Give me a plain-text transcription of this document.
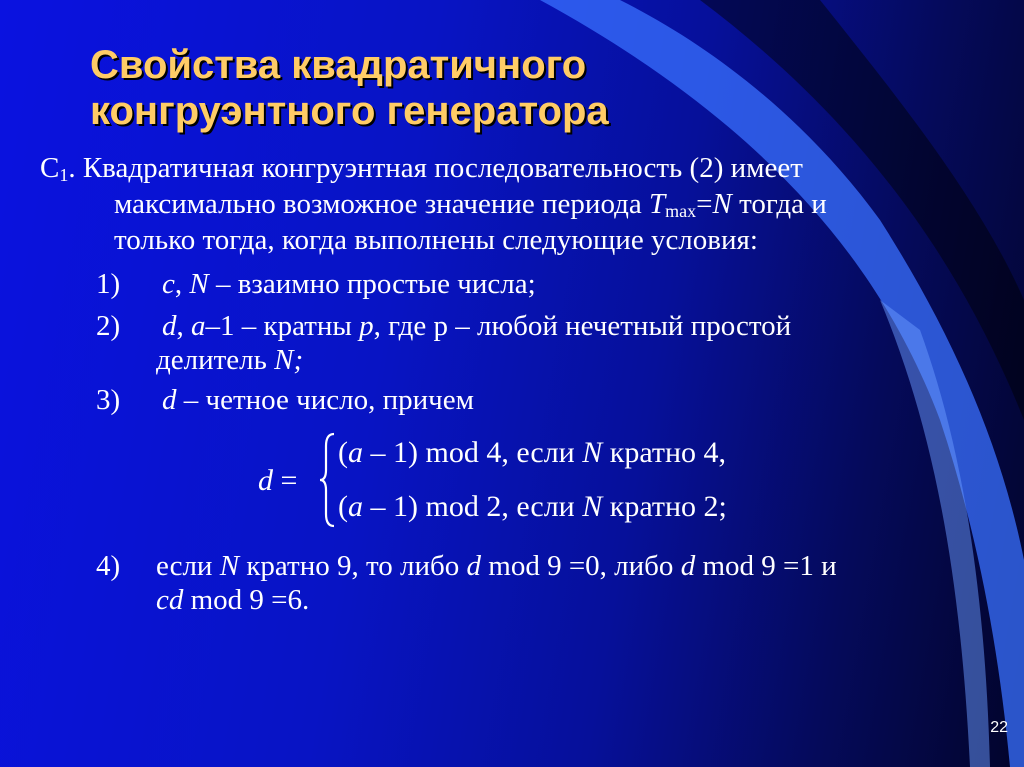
Свойства квадратичного
конгруэнтного генератора
$C_1$. Квадратичная конгруэнтная последовательность (2) имеет
максимально возможное значение периода $T_{max}=N$ тогда и
только тогда, когда выполнены следующие условия:
1) c, N – взаимно простые числа;
2) d, a–1 – кратны p, где р – любой нечетный простой
делитель N;
3) d – четное число, причем
d =
(a – 1) mod 4, если N кратно 4,
(a – 1) mod 2, если N кратно 2;
4) если N кратно 9, то либо d mod 9 =0, либо d mod 9 =1 и
cd mod 9 =6.
22
